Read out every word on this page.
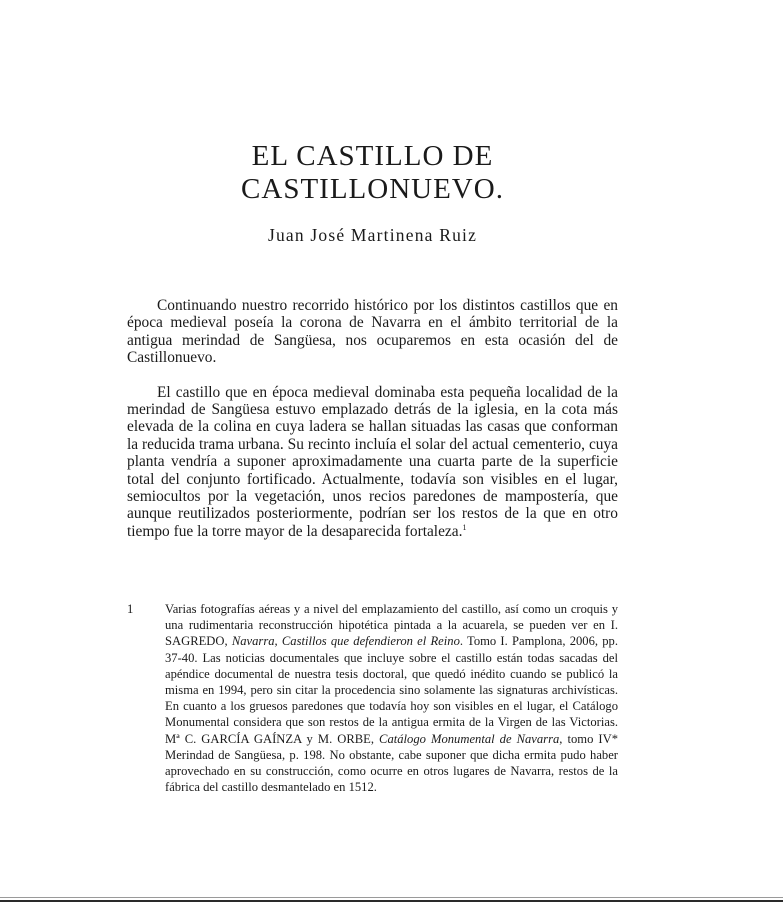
EL CASTILLO DE
CASTILLONUEVO.
Juan José Martinena Ruiz

Continuando nuestro recorrido histórico por los distintos castillos que en época medieval poseía la corona de Navarra en el ámbito territorial de la antigua merindad de Sangüesa, nos ocuparemos en esta ocasión del de Castillonuevo.

El castillo que en época medieval dominaba esta pequeña localidad de la merindad de Sangüesa estuvo emplazado detrás de la iglesia, en la cota más elevada de la colina en cuya ladera se hallan situadas las casas que conforman la reducida trama urbana. Su recinto incluía el solar del actual cementerio, cuya planta vendría a suponer aproximadamente una cuarta parte de la superficie total del conjunto fortificado. Actualmente, todavía son visibles en el lugar, semiocultos por la vegetación, unos recios paredones de mampostería, que aunque reutilizados posteriormente, podrían ser los restos de la que en otro tiempo fue la torre mayor de la desaparecida fortaleza.$^1$

1	Varias fotografías aéreas y a nivel del emplazamiento del castillo, así como un croquis y una rudimentaria reconstrucción hipotética pintada a la acuarela, se pueden ver en I. SAGREDO, Navarra, Castillos que defendieron el Reino. Tomo I. Pamplona, 2006, pp. 37-40. Las noticias documentales que incluye sobre el castillo están todas sacadas del apéndice documental de nuestra tesis doctoral, que quedó inédito cuando se publicó la misma en 1994, pero sin citar la procedencia sino solamente las signaturas archivísticas. En cuanto a los gruesos paredones que todavía hoy son visibles en el lugar, el Catálogo Monumental considera que son restos de la antigua ermita de la Virgen de las Victorias. Mª C. GARCÍA GAÍNZA y M. ORBE, Catálogo Monumental de Navarra, tomo IV* Merindad de Sangüesa, p. 198. No obstante, cabe suponer que dicha ermita pudo haber aprovechado en su construcción, como ocurre en otros lugares de Navarra, restos de la fábrica del castillo desmantelado en 1512.
